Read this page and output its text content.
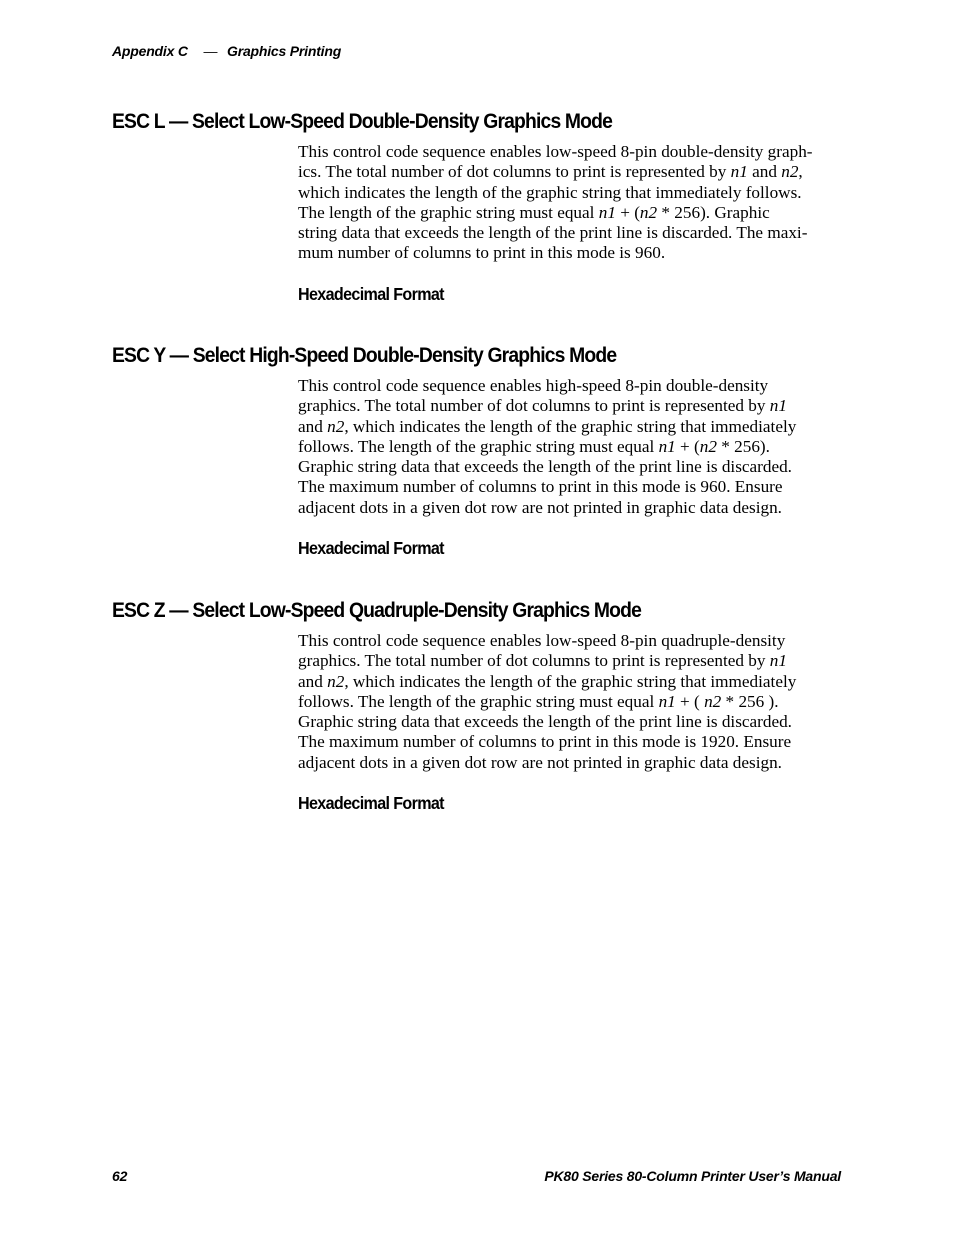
Appendix C — Graphics Printing
ESC L — Select Low-Speed Double-Density Graphics Mode

This control code sequence enables low-speed 8-pin double-density graph-

ics. The total number of dot columns to print is represented by n1 and n2,

which indicates the length of the graphic string that immediately follows.

The length of the graphic string must equal n1 + (n2 * 256). Graphic

string data that exceeds the length of the print line is discarded. The maxi-

mum number of columns to print in this mode is 960.

Hexadecimal Format
ESC Y — Select High-Speed Double-Density Graphics Mode

This control code sequence enables high-speed 8-pin double-density

graphics. The total number of dot columns to print is represented by n1

and n2, which indicates the length of the graphic string that immediately

follows. The length of the graphic string must equal n1 + (n2 * 256).

Graphic string data that exceeds the length of the print line is discarded.

The maximum number of columns to print in this mode is 960. Ensure

adjacent dots in a given dot row are not printed in graphic data design.

Hexadecimal Format
ESC Z — Select Low-Speed Quadruple-Density Graphics Mode

This control code sequence enables low-speed 8-pin quadruple-density

graphics. The total number of dot columns to print is represented by n1

and n2, which indicates the length of the graphic string that immediately

follows. The length of the graphic string must equal n1 + ( n2 * 256 ).

Graphic string data that exceeds the length of the print line is discarded.

The maximum number of columns to print in this mode is 1920. Ensure

adjacent dots in a given dot row are not printed in graphic data design.

Hexadecimal Format
62	PK80 Series 80-Column Printer User’s Manual
